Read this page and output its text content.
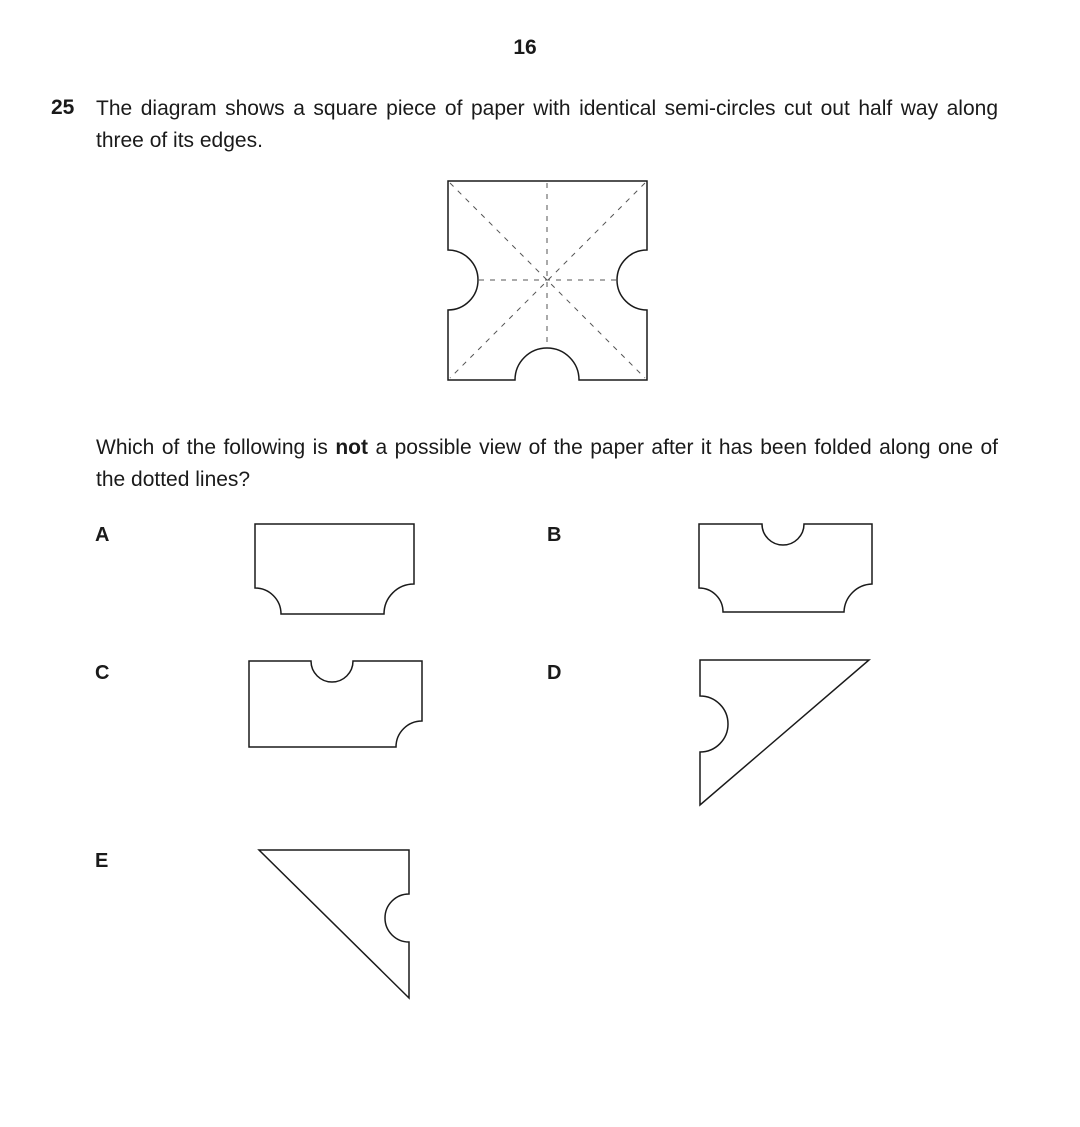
16
25 The diagram shows a square piece of paper with identical semi-circles cut out half way along three of its edges.
Which of the following is not a possible view of the paper after it has been folded along one of the dotted lines?
A	B
C	D
E
